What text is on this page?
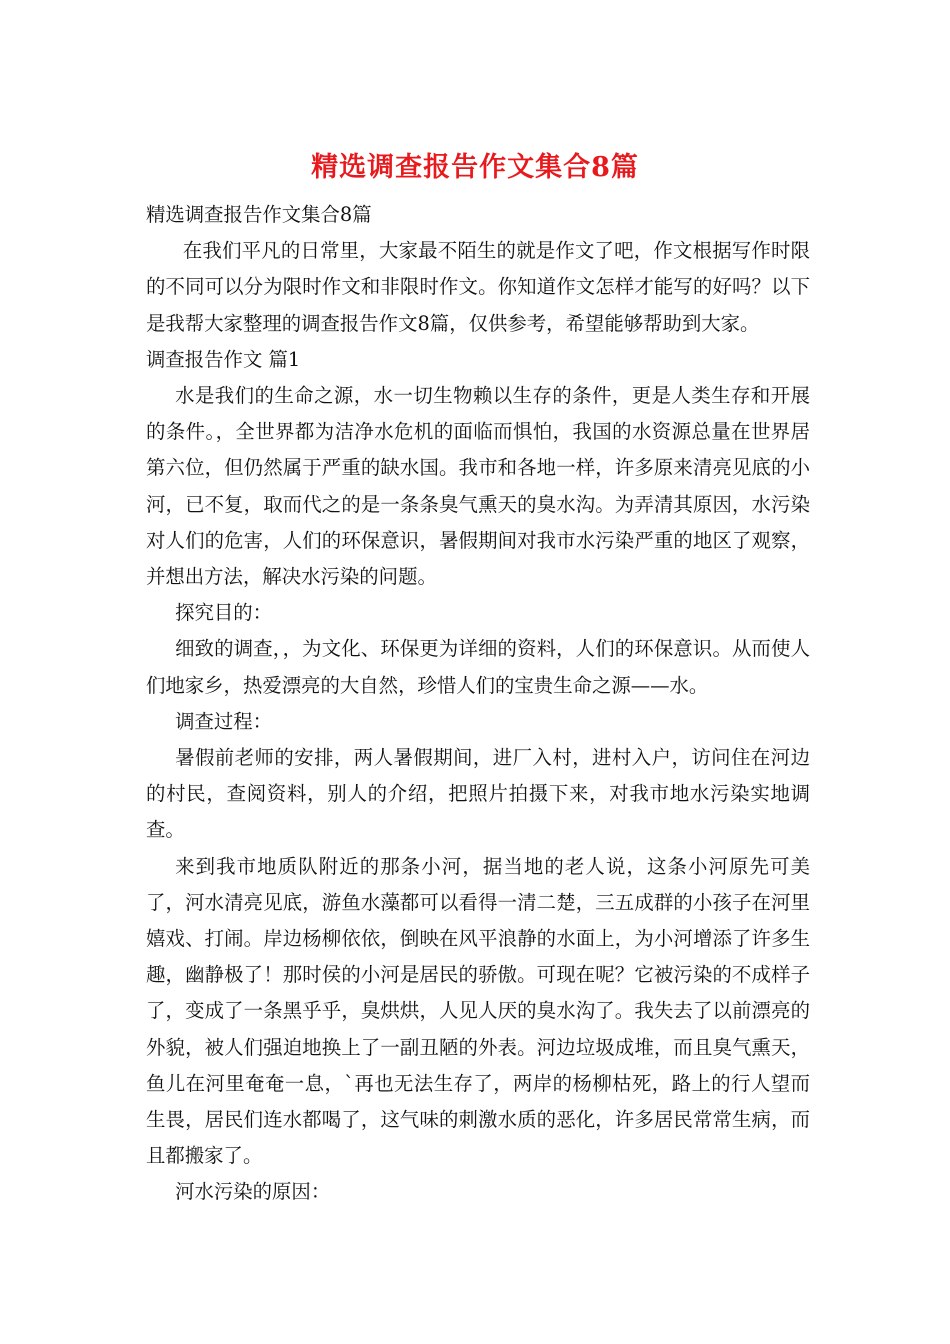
精选调查报告作文集合8篇

精选调查报告作文集合8篇

在我们平凡的日常里，大家最不陌生的就是作文了吧，作文根据写作时限的不同可以分为限时作文和非限时作文。你知道作文怎样才能写的好吗？以下是我帮大家整理的调查报告作文8篇，仅供参考，希望能够帮助到大家。

调查报告作文 篇1

水是我们的生命之源，水一切生物赖以生存的条件，更是人类生存和开展的条件。，全世界都为洁净水危机的面临而惧怕，我国的水资源总量在世界居第六位，但仍然属于严重的缺水国。我市和各地一样，许多原来清亮见底的小河，已不复，取而代之的是一条条臭气熏天的臭水沟。为弄清其原因，水污染对人们的危害，人们的环保意识，暑假期间对我市水污染严重的地区了观察，并想出方法，解决水污染的问题。

探究目的：

细致的调查，，为文化、环保更为详细的资料，人们的环保意识。从而使人们地家乡，热爱漂亮的大自然，珍惜人们的宝贵生命之源——水。

调查过程：

暑假前老师的安排，两人暑假期间，进厂入村，进村入户，访问住在河边的村民，查阅资料，别人的介绍，把照片拍摄下来，对我市地水污染实地调查。

来到我市地质队附近的那条小河，据当地的老人说，这条小河原先可美了，河水清亮见底，游鱼水藻都可以看得一清二楚，三五成群的小孩子在河里嬉戏、打闹。岸边杨柳依依，倒映在风平浪静的水面上，为小河增添了许多生趣，幽静极了！那时侯的小河是居民的骄傲。可现在呢？它被污染的不成样子了，变成了一条黑乎乎，臭烘烘，人见人厌的臭水沟了。我失去了以前漂亮的外貌，被人们强迫地换上了一副丑陋的外表。河边垃圾成堆，而且臭气熏天，鱼儿在河里奄奄一息，`再也无法生存了，两岸的杨柳枯死，路上的行人望而生畏，居民们连水都喝了，这气味的刺激水质的恶化，许多居民常常生病，而且都搬家了。

河水污染的原因：
